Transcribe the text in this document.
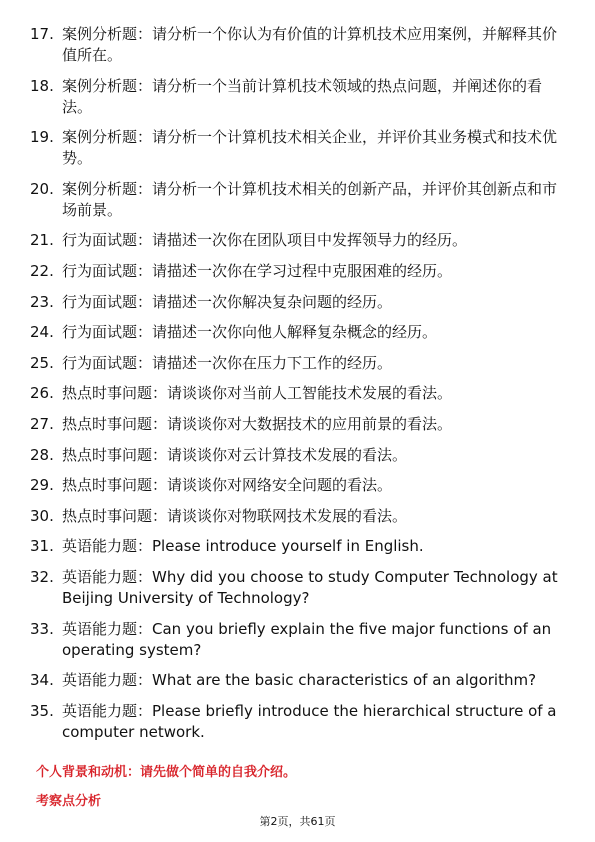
17. 案例分析题：请分析一个你认为有价值的计算机技术应用案例，并解释其价值所在。
18. 案例分析题：请分析一个当前计算机技术领域的热点问题，并阐述你的看法。
19. 案例分析题：请分析一个计算机技术相关企业，并评价其业务模式和技术优势。
20. 案例分析题：请分析一个计算机技术相关的创新产品，并评价其创新点和市场前景。
21. 行为面试题：请描述一次你在团队项目中发挥领导力的经历。
22. 行为面试题：请描述一次你在学习过程中克服困难的经历。
23. 行为面试题：请描述一次你解决复杂问题的经历。
24. 行为面试题：请描述一次你向他人解释复杂概念的经历。
25. 行为面试题：请描述一次你在压力下工作的经历。
26. 热点时事问题：请谈谈你对当前人工智能技术发展的看法。
27. 热点时事问题：请谈谈你对大数据技术的应用前景的看法。
28. 热点时事问题：请谈谈你对云计算技术发展的看法。
29. 热点时事问题：请谈谈你对网络安全问题的看法。
30. 热点时事问题：请谈谈你对物联网技术发展的看法。
31. 英语能力题：Please introduce yourself in English.
32. 英语能力题：Why did you choose to study Computer Technology at Beijing University of Technology?
33. 英语能力题：Can you briefly explain the five major functions of an operating system?
34. 英语能力题：What are the basic characteristics of an algorithm?
35. 英语能力题：Please briefly introduce the hierarchical structure of a computer network.
个人背景和动机：请先做个简单的自我介绍。
考察点分析
第2页，共61页
